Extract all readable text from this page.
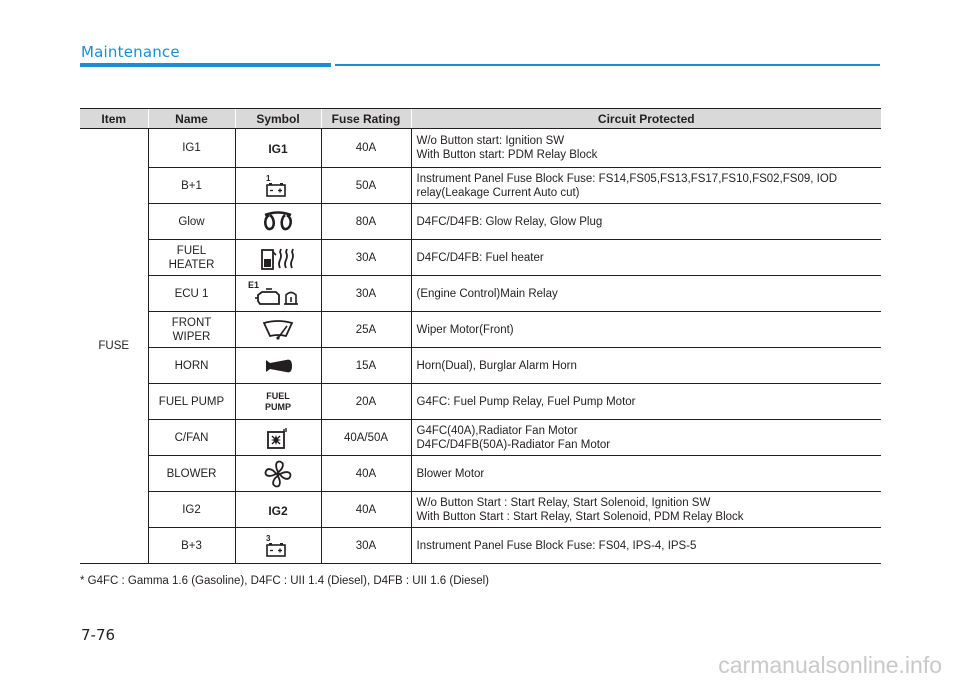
Maintenance
Item	Name	Symbol	Fuse Rating	Circuit Protected
FUSE	IG1	IG1	40A	W/o Button start: Ignition SW
With Button start: PDM Relay Block
	B+1	1	50A	Instrument Panel Fuse Block Fuse: FS14,FS05,FS13,FS17,FS10,FS02,FS09, IOD
relay(Leakage Current Auto cut)
	Glow		80A	D4FC/D4FB: Glow Relay, Glow Plug
	FUEL
HEATER		30A	D4FC/D4FB: Fuel heater
	ECU 1	E1	30A	(Engine Control)Main Relay
	FRONT
WIPER		25A	Wiper Motor(Front)
	HORN		15A	Horn(Dual), Burglar Alarm Horn
	FUEL PUMP	FUEL
PUMP	20A	G4FC: Fuel Pump Relay, Fuel Pump Motor
	C/FAN		40A/50A	G4FC(40A),Radiator Fan Motor
D4FC/D4FB(50A)-Radiator Fan Motor
	BLOWER		40A	Blower Motor
	IG2	IG2	40A	W/o Button Start : Start Relay, Start Solenoid, Ignition SW
With Button Start : Start Relay, Start Solenoid, PDM Relay Block
	B+3	3	30A	Instrument Panel Fuse Block Fuse: FS04, IPS-4, IPS-5
* G4FC : Gamma 1.6 (Gasoline), D4FC : UII 1.4 (Diesel), D4FB : UII 1.6 (Diesel)
7-76
carmanualsonline.info
